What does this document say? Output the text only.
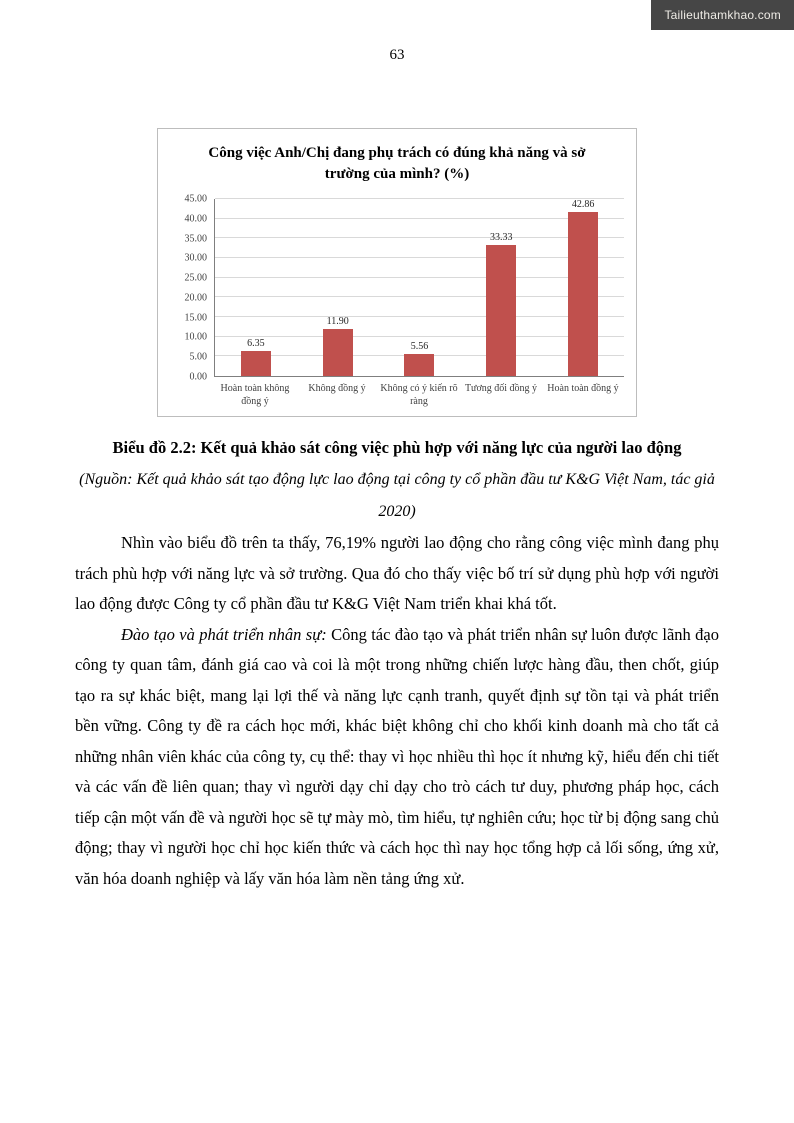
Tailieuthamkhao.com
63
Công việc Anh/Chị đang phụ trách có đúng khả năng và sở trường của mình? (%)
45.00
40.00
35.00
30.00
25.00
20.00
15.00
10.00
5.00
0.00
6.35
11.90
5.56
33.33
42.86
Hoàn toàn không đồng ý
Không đồng ý	Không có ý kiến rõ ràng
Tương đối đồng ý	Hoàn toàn đồng ý
Biểu đồ 2.2: Kết quả khảo sát công việc phù hợp với năng lực của người lao động
(Nguồn: Kết quả khảo sát tạo động lực lao động tại công ty cổ phần đầu tư K&G Việt Nam, tác giả 2020)

Nhìn vào biểu đồ trên ta thấy, 76,19% người lao động cho rằng công việc mình đang phụ trách phù hợp với năng lực và sở trường. Qua đó cho thấy việc bố trí sử dụng phù hợp với người lao động được Công ty cổ phần đầu tư K&G Việt Nam triển khai khá tốt.

Đào tạo và phát triển nhân sự: Công tác đào tạo và phát triển nhân sự luôn được lãnh đạo công ty quan tâm, đánh giá cao và coi là một trong những chiến lược hàng đầu, then chốt, giúp tạo ra sự khác biệt, mang lại lợi thế và năng lực cạnh tranh, quyết định sự tồn tại và phát triển bền vững. Công ty đề ra cách học mới, khác biệt không chỉ cho khối kinh doanh mà cho tất cả những nhân viên khác của công ty, cụ thể: thay vì học nhiều thì học ít nhưng kỹ, hiểu đến chi tiết và các vấn đề liên quan; thay vì người dạy chỉ dạy cho trò cách tư duy, phương pháp học, cách tiếp cận một vấn đề và người học sẽ tự mày mò, tìm hiểu, tự nghiên cứu; học từ bị động sang chủ động; thay vì người học chỉ học kiến thức và cách học thì nay học tổng hợp cả lối sống, ứng xử, văn hóa doanh nghiệp và lấy văn hóa làm nền tảng ứng xử.
